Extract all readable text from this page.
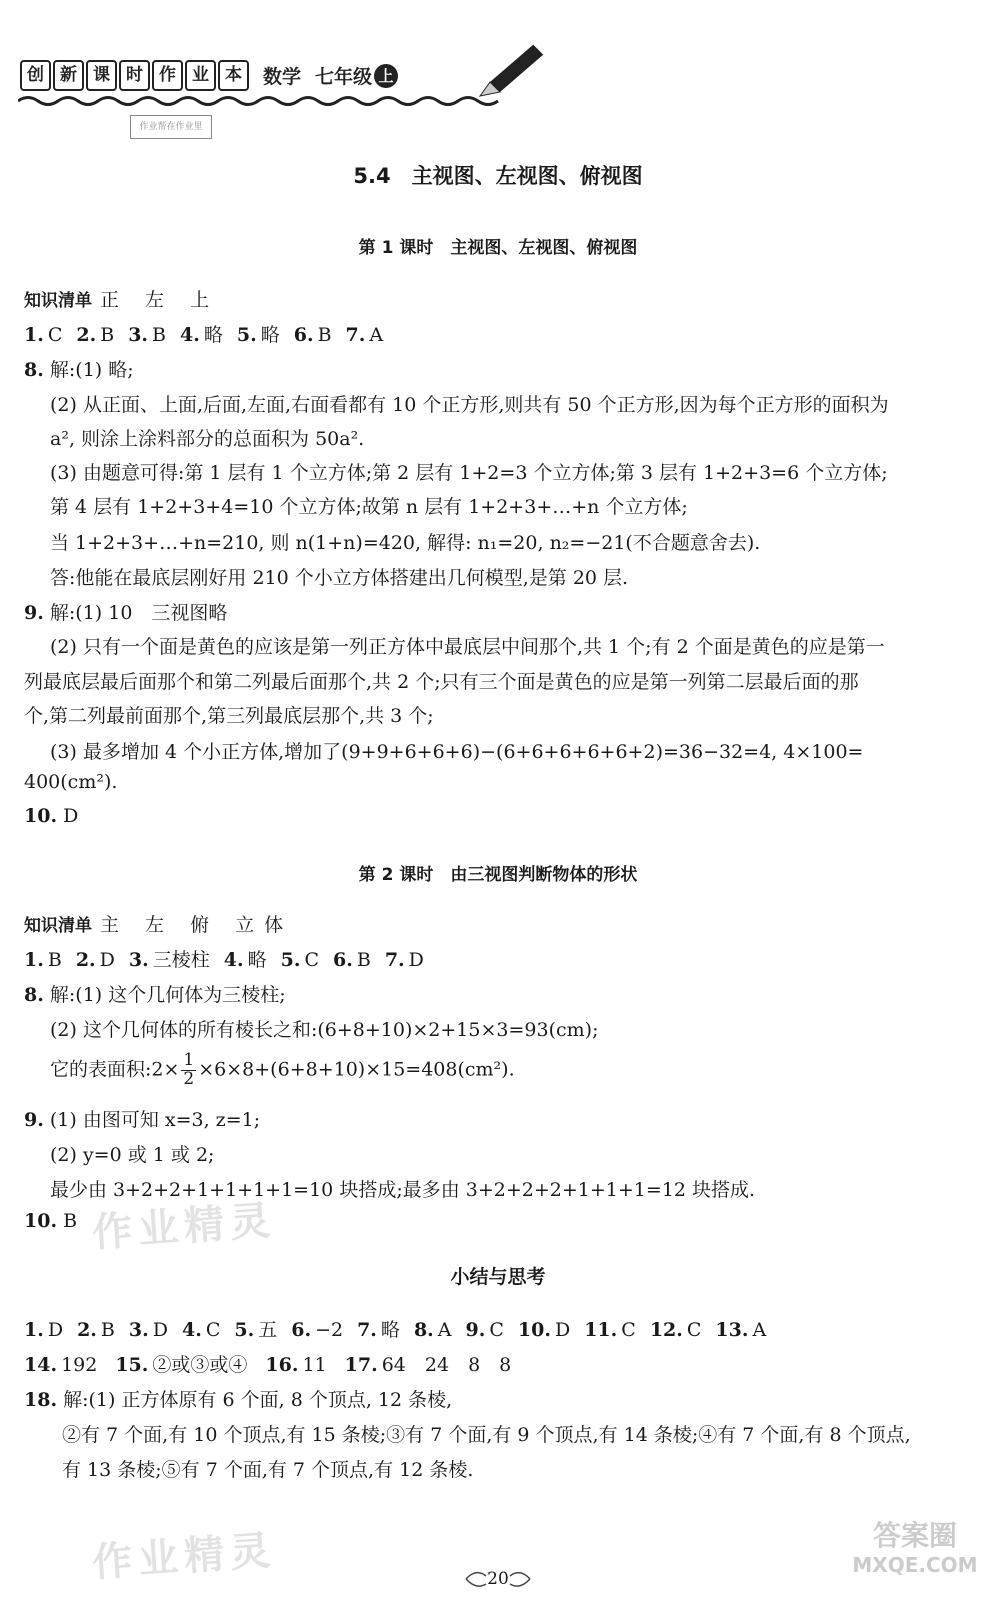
创 新 课 时 作 业 本	数学 七年级 上
作业帮在作业里
5.4　主视图、左视图、俯视图
第 1 课时　主视图、左视图、俯视图
知识清单 正 左 上
1. C 2. B 3. B 4. 略 5. 略 6. B 7. A
8. 解:(1) 略;
(2) 从正面、上面,后面,左面,右面看都有 10 个正方形,则共有 50 个正方形,因为每个正方形的面积为
a², 则涂上涂料部分的总面积为 50a².
(3) 由题意可得:第 1 层有 1 个立方体;第 2 层有 1+2=3 个立方体;第 3 层有 1+2+3=6 个立方体;
第 4 层有 1+2+3+4=10 个立方体;故第 n 层有 1+2+3+…+n 个立方体;
当 1+2+3+…+n=210, 则 n(1+n)=420, 解得: n₁=20, n₂=−21(不合题意舍去).
答:他能在最底层刚好用 210 个小立方体搭建出几何模型,是第 20 层.
9. 解:(1) 10　三视图略
(2) 只有一个面是黄色的应该是第一列正方体中最底层中间那个,共 1 个;有 2 个面是黄色的应是第一
列最底层最后面那个和第二列最后面那个,共 2 个;只有三个面是黄色的应是第一列第二层最后面的那
个,第二列最前面那个,第三列最底层那个,共 3 个;
(3) 最多增加 4 个小正方体,增加了(9+9+6+6+6)−(6+6+6+6+6+2)=36−32=4, 4×100=
400(cm²).
10. D
第 2 课时　由三视图判断物体的形状
知识清单 主 左 俯 立体
1. B 2. D 3. 三棱柱 4. 略 5. C 6. B 7. D
8. 解:(1) 这个几何体为三棱柱;
(2) 这个几何体的所有棱长之和:(6+8+10)×2+15×3=93(cm);
它的表面积:2× $\frac{1}{2} \times 6\times 8+(6+8+10)\times 15=408(cm^2)$.
9. (1) 由图可知 x=3, z=1;
(2) y=0 或 1 或 2;
最少由 3+2+2+1+1+1+1=10 块搭成;最多由 3+2+2+2+1+1+1=12 块搭成.
10. B
小结与思考
1. D 2. B 3. D 4. C 5. 五 6. −2 7. 略 8. A 9. C 10. D 11. C 12. C 13. A
14. 192 15. ②或③或④ 16. 11 17. 64　24　8　8
18. 解:(1) 正方体原有 6 个面, 8 个顶点, 12 条棱,
②有 7 个面,有 10 个顶点,有 15 条棱;③有 7 个面,有 9 个顶点,有 14 条棱;④有 7 个面,有 8 个顶点,
有 13 条棱;⑤有 7 个面,有 7 个顶点,有 12 条棱.
作业精灵
作业精灵	答案圈
MXQE.COM
20
